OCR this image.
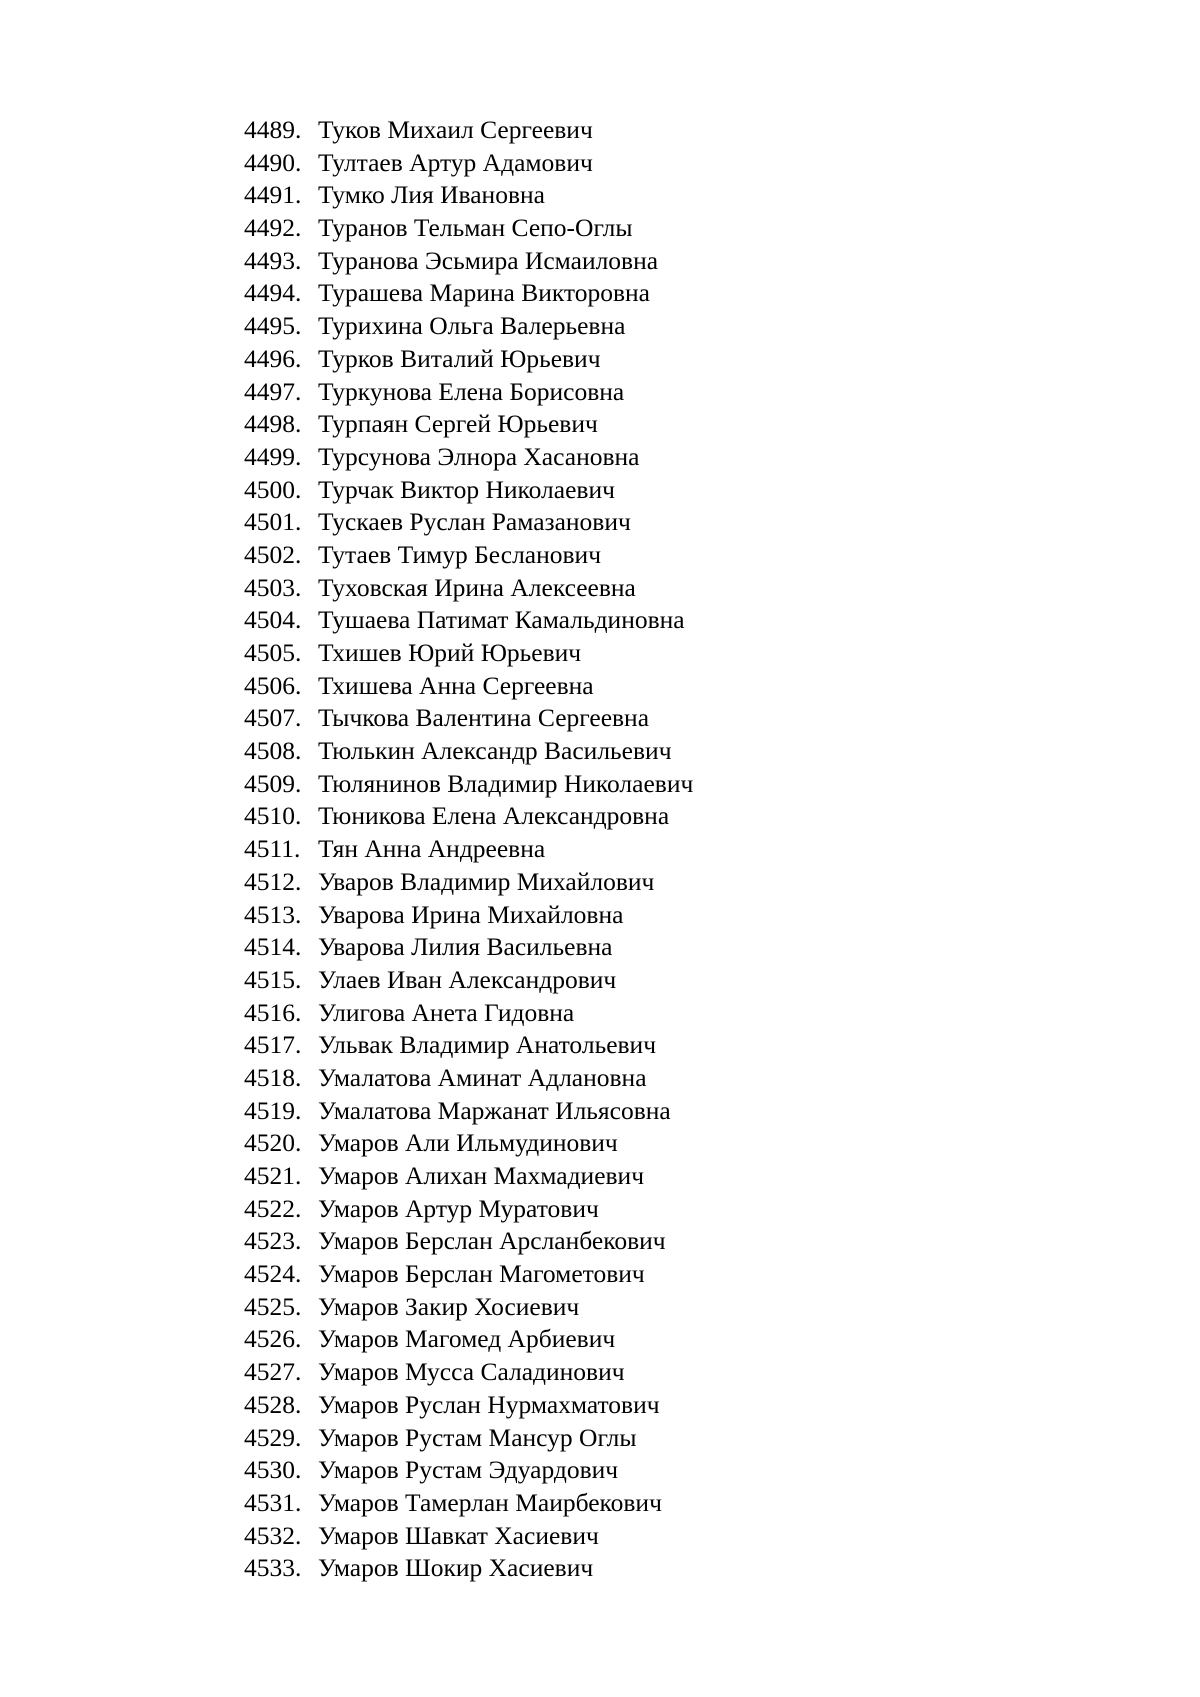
4489. Туков Михаил Сергеевич
4490. Тултаев Артур Адамович
4491. Тумко Лия Ивановна
4492. Туранов Тельман Сепо-Оглы
4493. Туранова Эсьмира Исмаиловна
4494. Турашева Марина Викторовна
4495. Турихина Ольга Валерьевна
4496. Турков Виталий Юрьевич
4497. Туркунова Елена Борисовна
4498. Турпаян Сергей Юрьевич
4499. Турсунова Элнора Хасановна
4500. Турчак Виктор Николаевич
4501. Тускаев Руслан Рамазанович
4502. Тутаев Тимур Бесланович
4503. Туховская Ирина Алексеевна
4504. Тушаева Патимат Камальдиновна
4505. Тхишев Юрий Юрьевич
4506. Тхишева Анна Сергеевна
4507. Тычкова Валентина Сергеевна
4508. Тюлькин Александр Васильевич
4509. Тюлянинов Владимир Николаевич
4510. Тюникова Елена Александровна
4511. Тян Анна Андреевна
4512. Уваров Владимир Михайлович
4513. Уварова Ирина Михайловна
4514. Уварова Лилия Васильевна
4515. Улаев Иван Александрович
4516. Улигова Анета Гидовна
4517. Ульвак Владимир Анатольевич
4518. Умалатова Аминат Адлановна
4519. Умалатова Маржанат Ильясовна
4520. Умаров Али Ильмудинович
4521. Умаров Алихан Махмадиевич
4522. Умаров Артур Муратович
4523. Умаров Берслан Арсланбекович
4524. Умаров Берслан Магометович
4525. Умаров Закир Хосиевич
4526. Умаров Магомед Арбиевич
4527. Умаров Мусса Саладинович
4528. Умаров Руслан Нурмахматович
4529. Умаров Рустам Мансур Оглы
4530. Умаров Рустам Эдуардович
4531. Умаров Тамерлан Маирбекович
4532. Умаров Шавкат Хасиевич
4533. Умаров Шокир Хасиевич
